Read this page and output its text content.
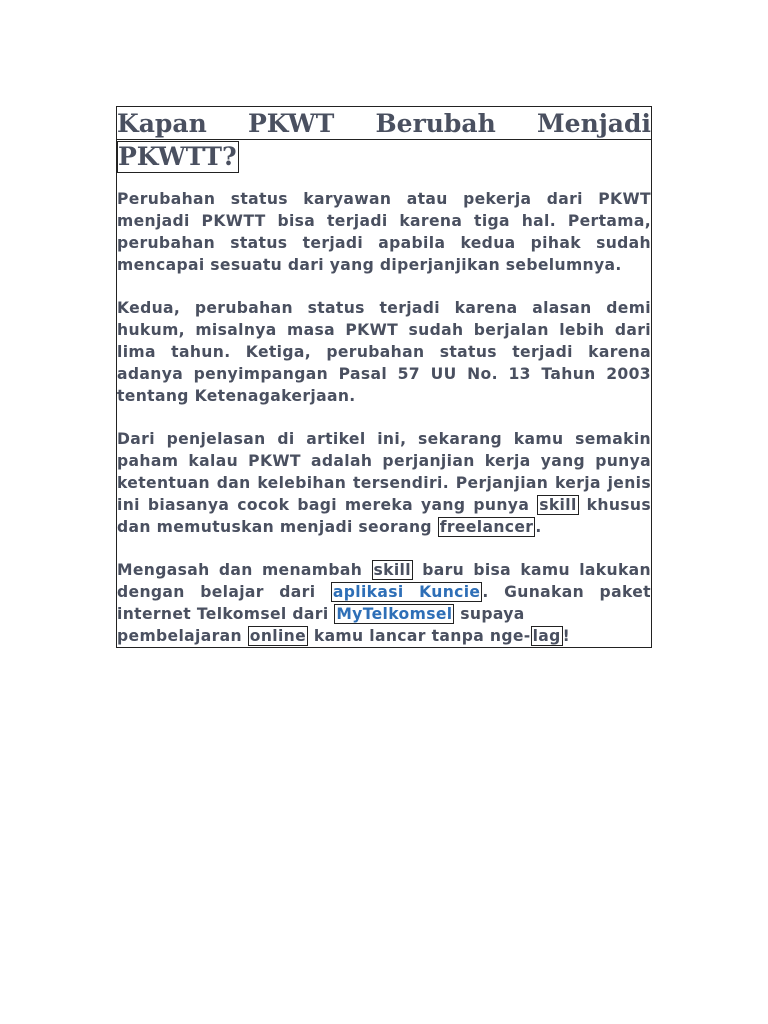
Kapan PKWT Berubah Menjadi
PKWTT?

Perubahan status karyawan atau pekerja dari PKWT menjadi PKWTT bisa terjadi karena tiga hal. Pertama, perubahan status terjadi apabila kedua pihak sudah mencapai sesuatu dari yang diperjanjikan sebelumnya.

Kedua, perubahan status terjadi karena alasan demi hukum, misalnya masa PKWT sudah berjalan lebih dari lima tahun. Ketiga, perubahan status terjadi karena adanya penyimpangan Pasal 57 UU No. 13 Tahun 2003 tentang Ketenagakerjaan.

Dari penjelasan di artikel ini, sekarang kamu semakin paham kalau PKWT adalah perjanjian kerja yang punya ketentuan dan kelebihan tersendiri. Perjanjian kerja jenis ini biasanya cocok bagi mereka yang punya skill khusus dan memutuskan menjadi seorang freelancer .

Mengasah dan menambah skill baru bisa kamu lakukan dengan belajar dari aplikasi Kuncie . Gunakan paket internet Telkomsel dari MyTelkomsel supaya
pembelajaran online kamu lancar tanpa nge- lag !
